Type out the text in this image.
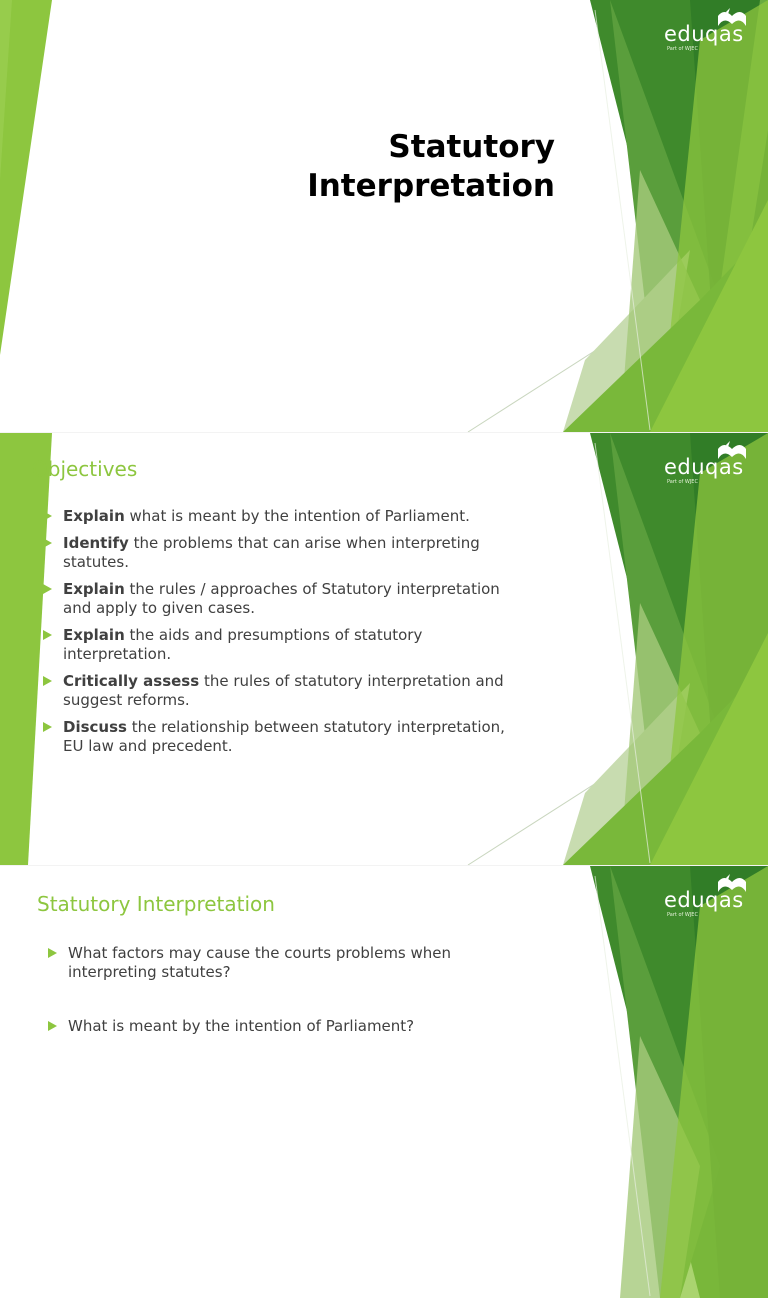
eduqas
Part of WJEC
Statutory
Interpretation
eduqas
Part of WJEC
Objectives
Explain what is meant by the intention of Parliament.
Identify the problems that can arise when interpreting statutes.
Explain the rules / approaches of Statutory interpretation and apply to given cases.
Explain the aids and presumptions of statutory interpretation.
Critically assess the rules of statutory interpretation and suggest reforms.
Discuss the relationship between statutory interpretation, EU law and precedent.
eduqas
Part of WJEC
Statutory Interpretation
What factors may cause the courts problems when interpreting statutes?
What is meant by the intention of Parliament?
